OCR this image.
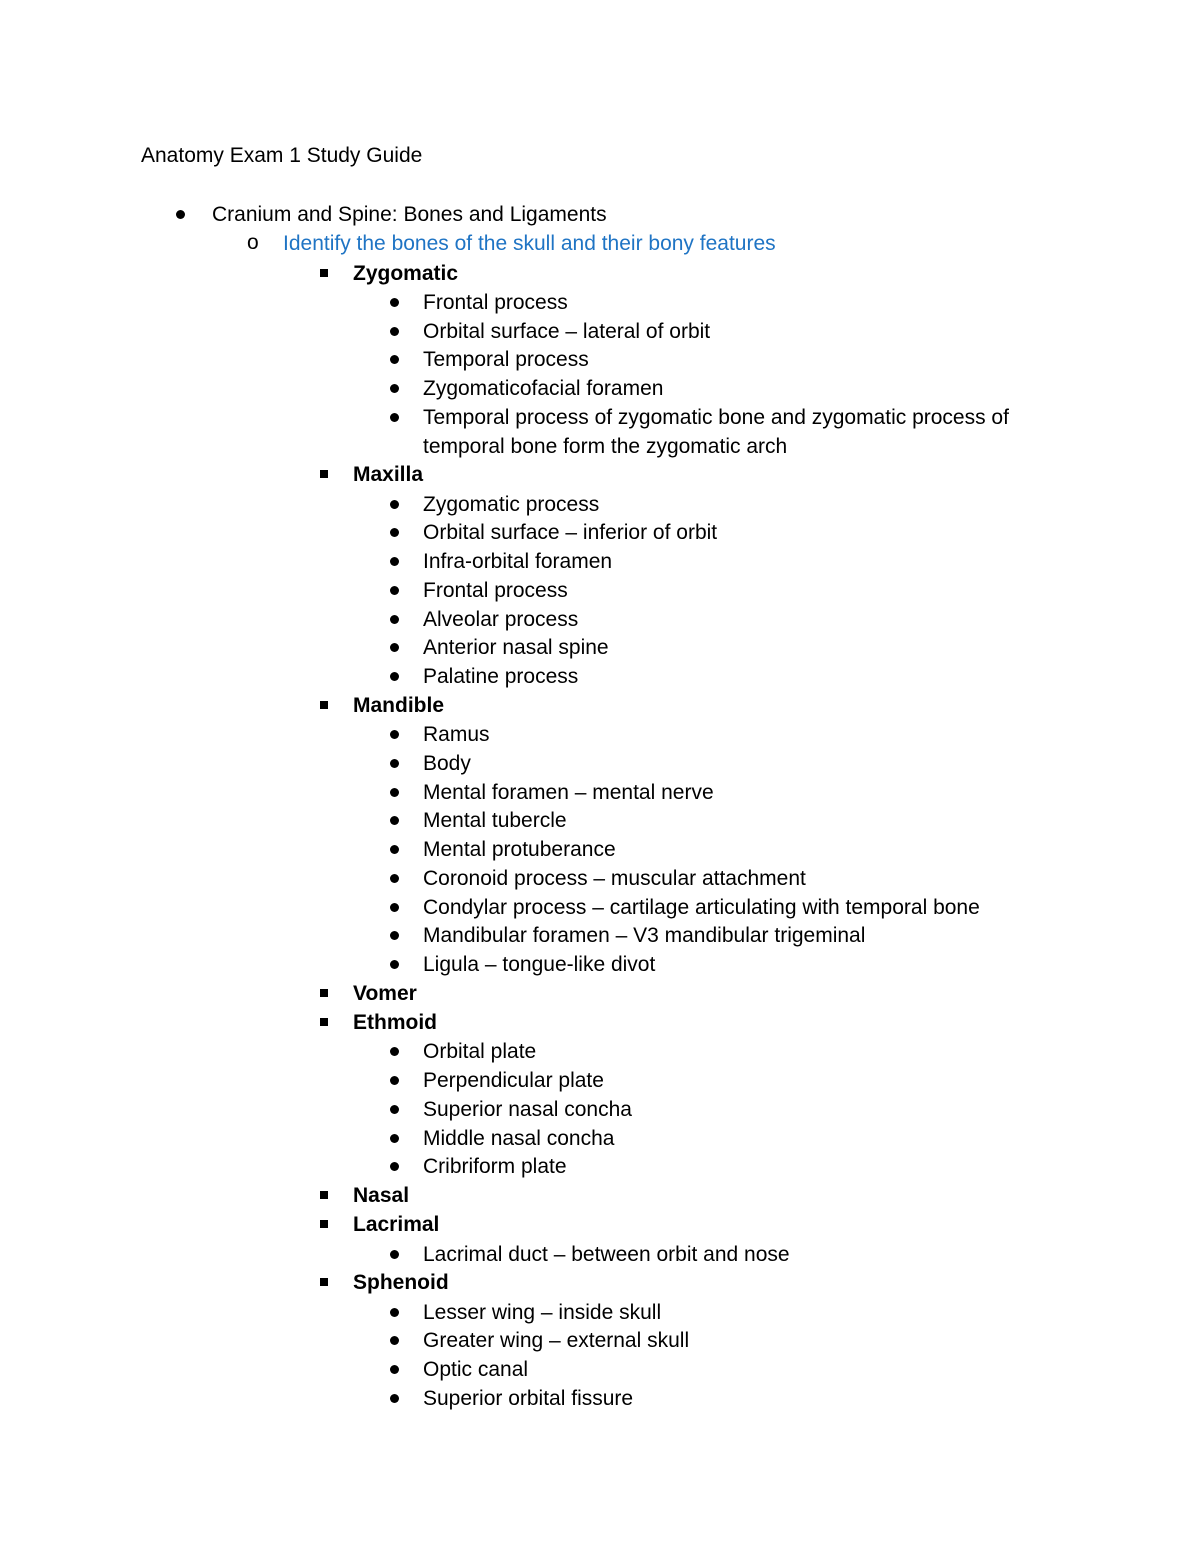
Anatomy Exam 1 Study Guide
Cranium and Spine: Bones and Ligaments
o Identify the bones of the skull and their bony features
Zygomatic
Frontal process
Orbital surface – lateral of orbit
Temporal process
Zygomaticofacial foramen
Temporal process of zygomatic bone and zygomatic process of temporal bone form the zygomatic arch
Maxilla
Zygomatic process
Orbital surface – inferior of orbit
Infra-orbital foramen
Frontal process
Alveolar process
Anterior nasal spine
Palatine process
Mandible
Ramus
Body
Mental foramen – mental nerve
Mental tubercle
Mental protuberance
Coronoid process – muscular attachment
Condylar process – cartilage articulating with temporal bone
Mandibular foramen – V3 mandibular trigeminal
Ligula – tongue-like divot
Vomer
Ethmoid
Orbital plate
Perpendicular plate
Superior nasal concha
Middle nasal concha
Cribriform plate
Nasal
Lacrimal
Lacrimal duct – between orbit and nose
Sphenoid
Lesser wing – inside skull
Greater wing – external skull
Optic canal
Superior orbital fissure
